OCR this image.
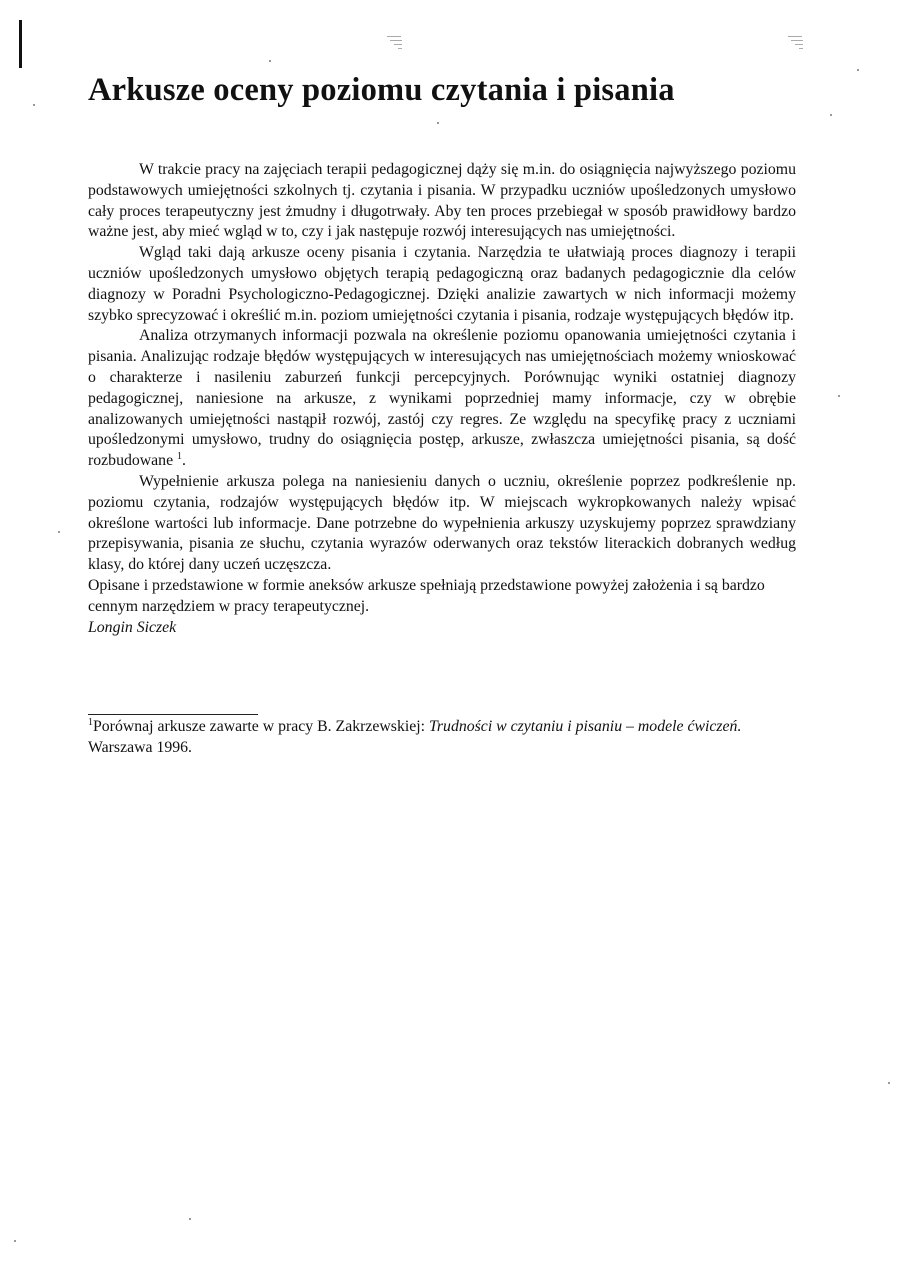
Arkusze oceny poziomu czytania i pisania

W trakcie pracy na zajęciach terapii pedagogicznej dąży się m.in. do osiągnięcia najwyższego poziomu podstawowych umiejętności szkolnych tj. czytania i pisania. W przypadku uczniów upośledzonych umysłowo cały proces terapeutyczny jest żmudny i długotrwały. Aby ten proces przebiegał w sposób prawidłowy bardzo ważne jest, aby mieć wgląd w to, czy i jak następuje rozwój interesujących nas umiejętności.

Wgląd taki dają arkusze oceny pisania i czytania. Narzędzia te ułatwiają proces diagnozy i terapii uczniów upośledzonych umysłowo objętych terapią pedagogiczną oraz badanych pedagogicznie dla celów diagnozy w Poradni Psychologiczno-Pedagogicznej. Dzięki analizie zawartych w nich informacji możemy szybko sprecyzować i określić m.in. poziom umiejętności czytania i pisania, rodzaje występujących błędów itp.

Analiza otrzymanych informacji pozwala na określenie poziomu opanowania umiejętności czytania i pisania. Analizując rodzaje błędów występujących w interesujących nas umiejętnościach możemy wnioskować o charakterze i nasileniu zaburzeń funkcji percepcyjnych. Porównując wyniki ostatniej diagnozy pedagogicznej, naniesione na arkusze, z wynikami poprzedniej mamy informacje, czy w obrębie analizowanych umiejętności nastąpił rozwój, zastój czy regres. Ze względu na specyfikę pracy z uczniami upośledzonymi umysłowo, trudny do osiągnięcia postęp, arkusze, zwłaszcza umiejętności pisania, są dość rozbudowane $^1$.

Wypełnienie arkusza polega na naniesieniu danych o uczniu, określenie poprzez podkreślenie np. poziomu czytania, rodzajów występujących błędów itp. W miejscach wykropkowanych należy wpisać określone wartości lub informacje. Dane potrzebne do wypełnienia arkuszy uzyskujemy poprzez sprawdziany przepisywania, pisania ze słuchu, czytania wyrazów oderwanych oraz tekstów literackich dobranych według klasy, do której dany uczeń uczęszcza.

Opisane i przedstawione w formie aneksów arkusze spełniają przedstawione powyżej założenia i są bardzo cennym narzędziem w pracy terapeutycznej.

Longin Siczek

$^1$Porównaj arkusze zawarte w pracy B. Zakrzewskiej: Trudności w czytaniu i pisaniu – modele ćwiczeń. Warszawa 1996.
